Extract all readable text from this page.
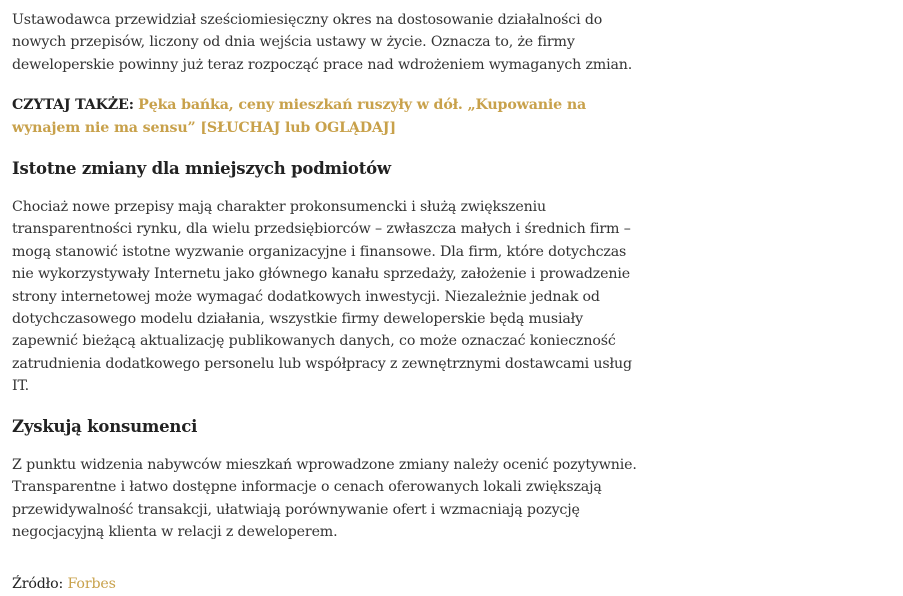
Ustawodawca przewidział sześciomiesięczny okres na dostosowanie działalności do nowych przepisów, liczony od dnia wejścia ustawy w życie. Oznacza to, że firmy deweloperskie powinny już teraz rozpocząć prace nad wdrożeniem wymaganych zmian.

CZYTAJ TAKŻE: Pęka bańka, ceny mieszkań ruszyły w dół. „Kupowanie na wynajem nie ma sensu” [SŁUCHAJ lub OGLĄDAJ]

Istotne zmiany dla mniejszych podmiotów

Chociaż nowe przepisy mają charakter prokonsumencki i służą zwiększeniu transparentności rynku, dla wielu przedsiębiorców – zwłaszcza małych i średnich firm – mogą stanowić istotne wyzwanie organizacyjne i finansowe. Dla firm, które dotychczas nie wykorzystywały Internetu jako głównego kanału sprzedaży, założenie i prowadzenie strony internetowej może wymagać dodatkowych inwestycji. Niezależnie jednak od dotychczasowego modelu działania, wszystkie firmy deweloperskie będą musiały zapewnić bieżącą aktualizację publikowanych danych, co może oznaczać konieczność zatrudnienia dodatkowego personelu lub współpracy z zewnętrznymi dostawcami usług IT.

Zyskują konsumenci

Z punktu widzenia nabywców mieszkań wprowadzone zmiany należy ocenić pozytywnie. Transparentne i łatwo dostępne informacje o cenach oferowanych lokali zwiększają przewidywalność transakcji, ułatwiają porównywanie ofert i wzmacniają pozycję negocjacyjną klienta w relacji z deweloperem.

Źródło: Forbes
